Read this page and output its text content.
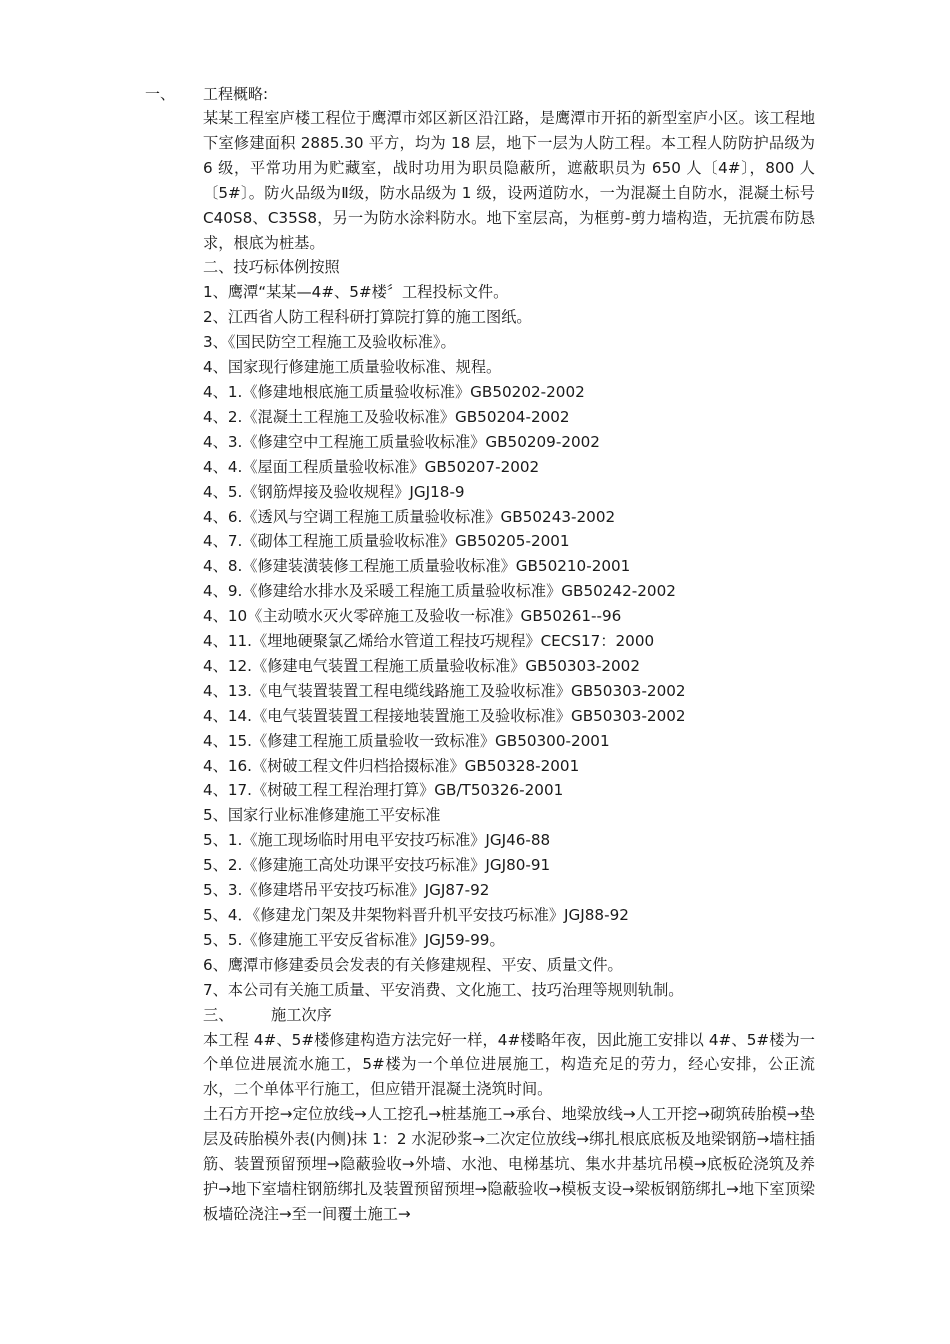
一、 工程概略:

某某工程室庐楼工程位于鹰潭市郊区新区沿江路，是鹰潭市开拓的新型室庐小区。该工程地下室修建面积 2885.30 平方，均为 18 层，地下一层为人防工程。本工程人防防护品级为 6 级，平常功用为贮藏室，战时功用为职员隐蔽所，遮蔽职员为 650 人〔4#〕，800 人〔5#〕。防火品级为Ⅱ级，防水品级为 1 级，设两道防水，一为混凝土自防水，混凝土标号 C40S8、C35S8，另一为防水涂料防水。地下室层高，为框剪-剪力墙构造，无抗震布防恳求，根底为桩基。

二、技巧标体例按照

1、鹰潭“某某—4#、5#楼〞工程投标文件。

2、江西省人防工程科研打算院打算的施工图纸。

3、《国民防空工程施工及验收标准》。

4、国家现行修建施工质量验收标准、规程。

4、1.《修建地根底施工质量验收标准》GB50202-2002

4、2.《混凝土工程施工及验收标准》GB50204-2002

4、3.《修建空中工程施工质量验收标准》GB50209-2002

4、4.《屋面工程质量验收标准》GB50207-2002

4、5.《钢筋焊接及验收规程》JGJ18-9

4、6.《透风与空调工程施工质量验收标准》GB50243-2002

4、7.《砌体工程施工质量验收标准》GB50205-2001

4、8.《修建装潢装修工程施工质量验收标准》GB50210-2001

4、9.《修建给水排水及采暖工程施工质量验收标准》GB50242-2002

4、10《主动喷水灭火零碎施工及验收一标准》GB50261--96

4、11.《埋地硬聚氯乙烯给水管道工程技巧规程》CECS17：2000

4、12.《修建电气装置工程施工质量验收标准》GB50303-2002

4、13.《电气装置装置工程电缆线路施工及验收标准》GB50303-2002

4、14.《电气装置装置工程接地装置施工及验收标准》GB50303-2002

4、15.《修建工程施工质量验收一致标准》GB50300-2001

4、16.《树破工程文件归档拾掇标准》GB50328-2001

4、17.《树破工程工程治理打算》GB/T50326-2001

5、国家行业标准修建施工平安标准

5、1.《施工现场临时用电平安技巧标准》JGJ46-88

5、2.《修建施工高处功课平安技巧标准》JGJ80-91

5、3.《修建塔吊平安技巧标准》JGJ87-92

5、4．《修建龙门架及井架物料晋升机平安技巧标准》JGJ88-92

5、5.《修建施工平安反省标准》JGJ59-99。

6、鹰潭市修建委员会发表的有关修建规程、平安、质量文件。

7、本公司有关施工质量、平安消费、文化施工、技巧治理等规则轨制。

三、 施工次序

本工程 4#、5#楼修建构造方法完好一样，4#楼略年夜，因此施工安排以 4#、5#楼为一个单位进展流水施工，5#楼为一个单位进展施工，构造充足的劳力，经心安排，公正流水，二个单体平行施工，但应错开混凝土浇筑时间。

土石方开挖→定位放线→人工挖孔→桩基施工→承台、地梁放线→人工开挖→砌筑砖胎模→垫层及砖胎模外表(内侧)抹 1：2 水泥砂浆→二次定位放线→绑扎根底底板及地梁钢筋→墙柱插筋、装置预留预埋→隐蔽验收→外墙、水池、电梯基坑、集水井基坑吊模→底板砼浇筑及养护→地下室墙柱钢筋绑扎及装置预留预埋→隐蔽验收→模板支设→梁板钢筋绑扎→地下室顶梁板墙砼浇注→至一间覆土施工→
